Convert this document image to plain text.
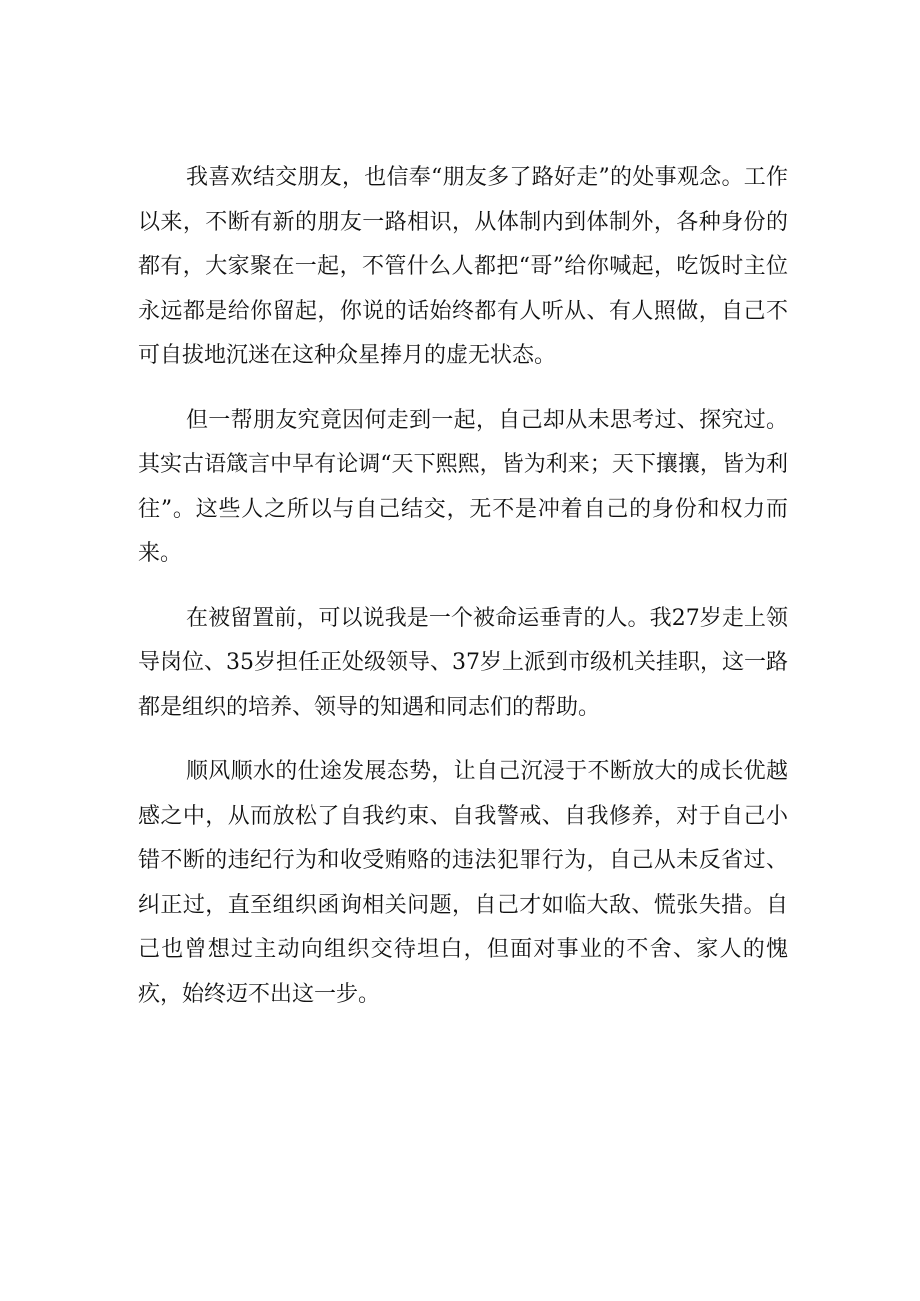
我喜欢结交朋友，也信奉“朋友多了路好走”的处事观念。工作以来，不断有新的朋友一路相识，从体制内到体制外，各种身份的都有，大家聚在一起，不管什么人都把“哥”给你喊起，吃饭时主位永远都是给你留起，你说的话始终都有人听从、有人照做，自己不可自拔地沉迷在这种众星捧月的虚无状态。

但一帮朋友究竟因何走到一起，自己却从未思考过、探究过。其实古语箴言中早有论调“天下熙熙，皆为利来；天下攘攘，皆为利往”。这些人之所以与自己结交，无不是冲着自己的身份和权力而来。

在被留置前，可以说我是一个被命运垂青的人。我27岁走上领导岗位、35岁担任正处级领导、37岁上派到市级机关挂职，这一路都是组织的培养、领导的知遇和同志们的帮助。

顺风顺水的仕途发展态势，让自己沉浸于不断放大的成长优越感之中，从而放松了自我约束、自我警戒、自我修养，对于自己小错不断的违纪行为和收受贿赂的违法犯罪行为，自己从未反省过、纠正过，直至组织函询相关问题，自己才如临大敌、慌张失措。自己也曾想过主动向组织交待坦白，但面对事业的不舍、家人的愧疚，始终迈不出这一步。
